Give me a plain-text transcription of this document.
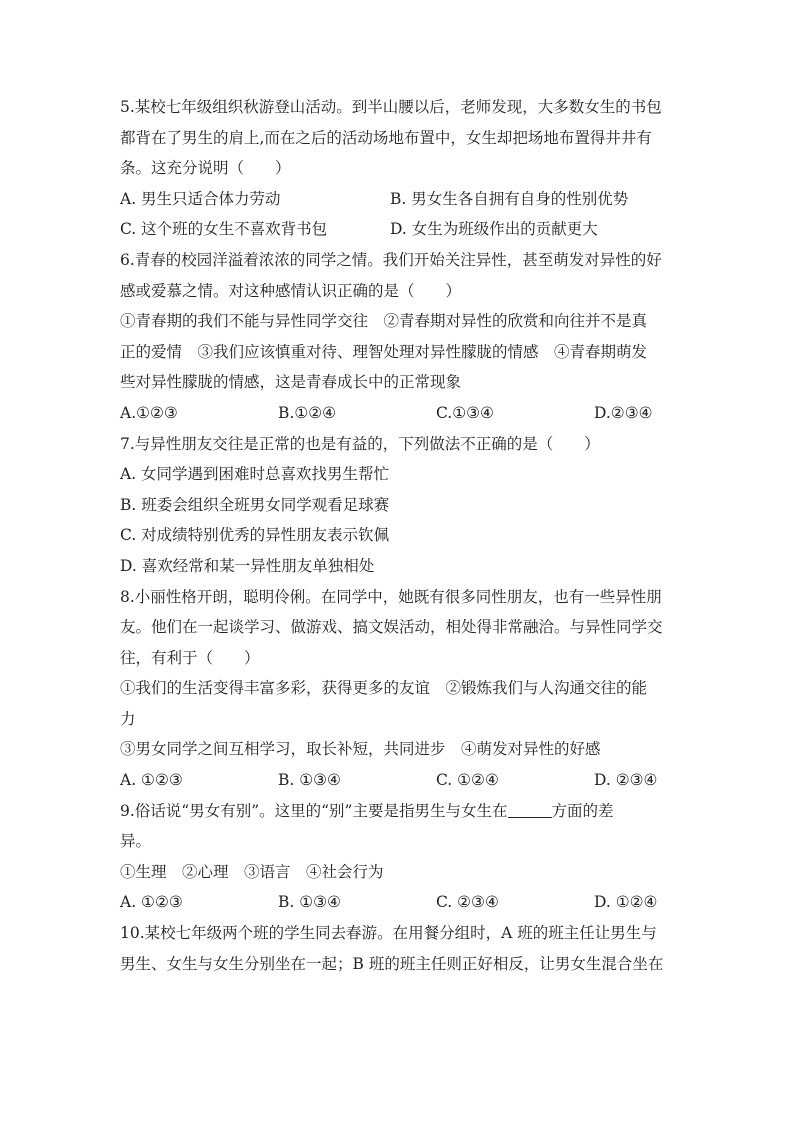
5.某校七年级组织秋游登山活动。到半山腰以后，老师发现，大多数女生的书包
都背在了男生的肩上,而在之后的活动场地布置中，女生却把场地布置得井井有
条。这充分说明（　　）
A. 男生只适合体力劳动	B. 男女生各自拥有自身的性别优势
C. 这个班的女生不喜欢背书包	D. 女生为班级作出的贡献更大
6.青春的校园洋溢着浓浓的同学之情。我们开始关注异性，甚至萌发对异性的好
感或爱慕之情。对这种感情认识正确的是（　　）
①青春期的我们不能与异性同学交往　②青春期对异性的欣赏和向往并不是真
正的爱情　③我们应该慎重对待、理智处理对异性朦胧的情感　④青春期萌发
些对异性朦胧的情感，这是青春成长中的正常现象
A.①②③	B.①②④	C.①③④	D.②③④
7.与异性朋友交往是正常的也是有益的，下列做法不正确的是（　　）
A. 女同学遇到困难时总喜欢找男生帮忙
B. 班委会组织全班男女同学观看足球赛
C. 对成绩特别优秀的异性朋友表示钦佩
D. 喜欢经常和某一异性朋友单独相处
8.小丽性格开朗，聪明伶俐。在同学中，她既有很多同性朋友，也有一些异性朋
友。他们在一起谈学习、做游戏、搞文娱活动，相处得非常融洽。与异性同学交
往，有利于（　　）
①我们的生活变得丰富多彩，获得更多的友谊　②锻炼我们与人沟通交往的能
力
③男女同学之间互相学习，取长补短，共同进步　④萌发对异性的好感
A. ①②③	B. ①③④	C. ①②④	D. ②③④
9.俗话说“男女有别”。这里的“别”主要是指男生与女生在	方面的差
异。
①生理　②心理　③语言　④社会行为
A. ①②③	B. ①③④	C. ②③④	D. ①②④
10.某校七年级两个班的学生同去春游。在用餐分组时，A 班的班主任让男生与
男生、女生与女生分别坐在一起；B 班的班主任则正好相反，让男女生混合坐在
